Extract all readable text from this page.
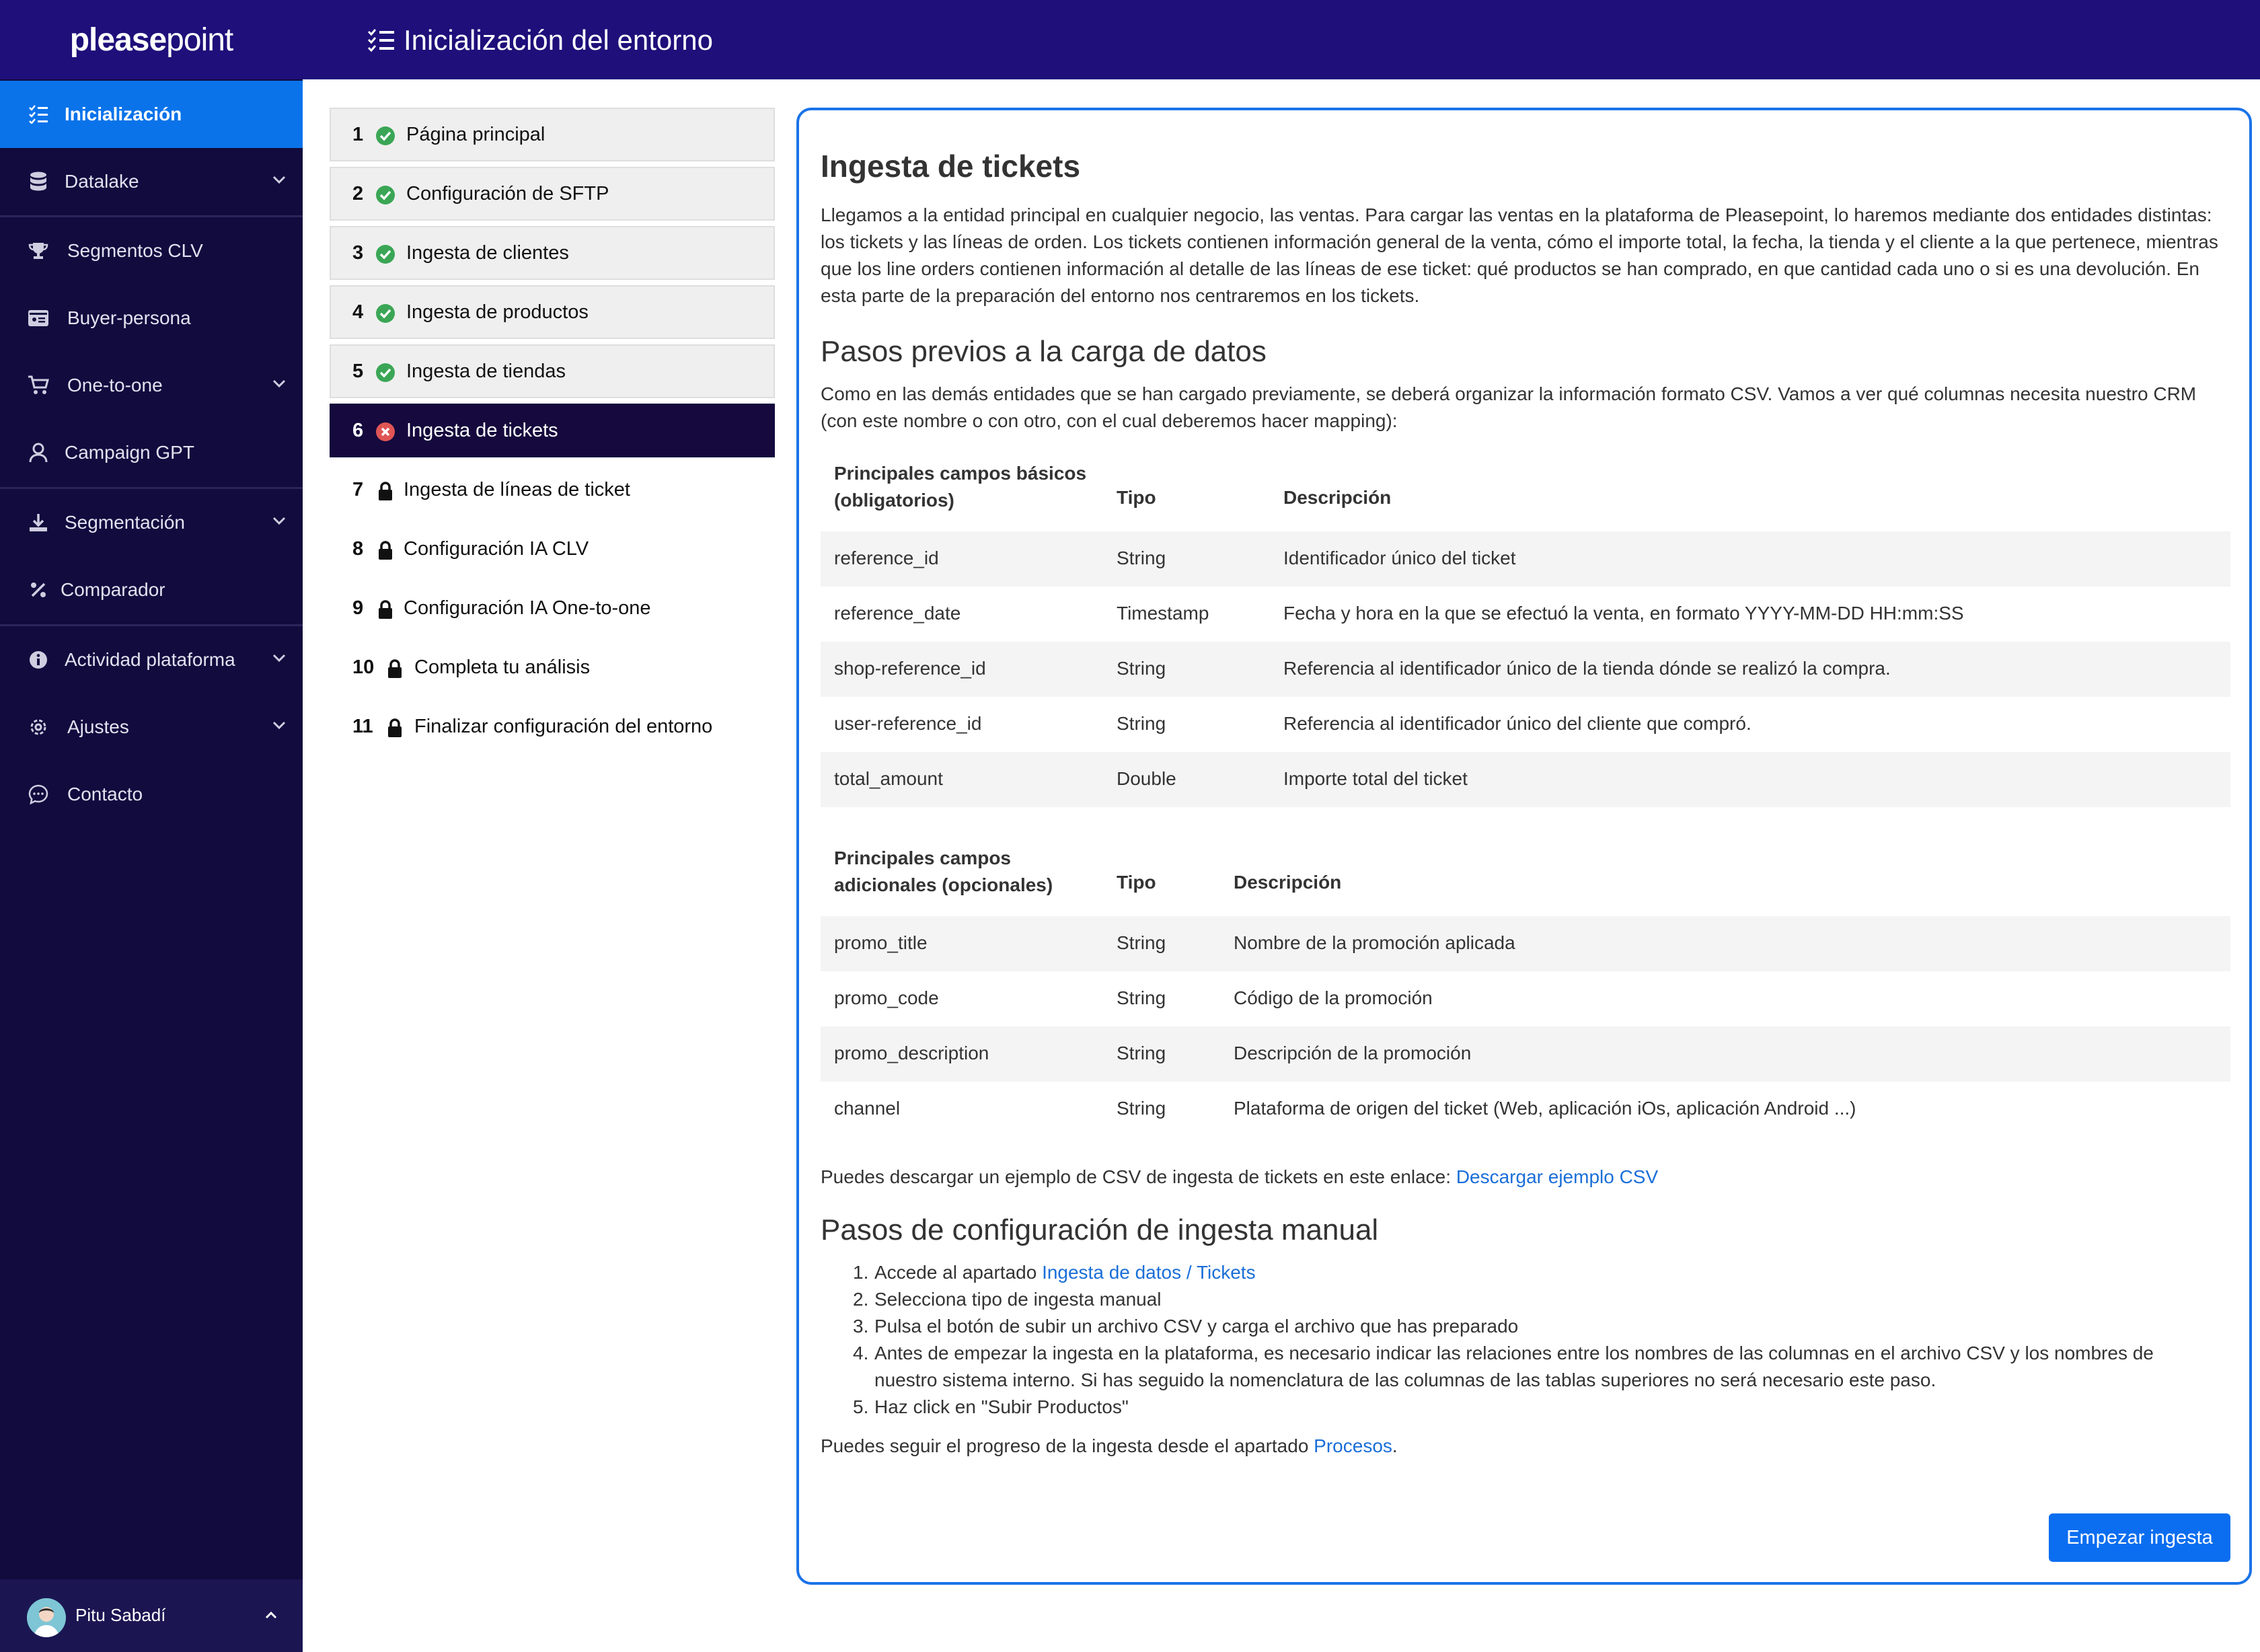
please point
Inicialización
Datalake
Segmentos CLV
Buyer-persona
One-to-one
Campaign GPT
Segmentación
Comparador
Actividad plataforma
Ajustes
Contacto
Pitu Sabadí
Inicialización del entorno
1 Página principal
2 Configuración de SFTP
3 Ingesta de clientes
4 Ingesta de productos
5 Ingesta de tiendas
6 Ingesta de tickets
7 Ingesta de líneas de ticket
8 Configuración IA CLV
9 Configuración IA One-to-one
10 Completa tu análisis
11 Finalizar configuración del entorno
Ingesta de tickets
Llegamos a la entidad principal en cualquier negocio, las ventas. Para cargar las ventas en la plataforma de Pleasepoint, lo haremos mediante dos entidades distintas: los tickets y las líneas de orden. Los tickets contienen información general de la venta, cómo el importe total, la fecha, la tienda y el cliente a la que pertenece, mientras que los line orders contienen información al detalle de las líneas de ese ticket: qué productos se han comprado, en que cantidad cada uno o si es una devolución. En esta parte de la preparación del entorno nos centraremos en los tickets.
Pasos previos a la carga de datos
Como en las demás entidades que se han cargado previamente, se deberá organizar la información formato CSV. Vamos a ver qué columnas necesita nuestro CRM (con este nombre o con otro, con el cual deberemos hacer mapping):
Principales campos básicos
(obligatorios)	Tipo	Descripción
reference_id	String	Identificador único del ticket
reference_date	Timestamp	Fecha y hora en la que se efectuó la venta, en formato YYYY-MM-DD HH:mm:SS
shop-reference_id	String	Referencia al identificador único de la tienda dónde se realizó la compra.
user-reference_id	String	Referencia al identificador único del cliente que compró.
total_amount	Double	Importe total del ticket
Principales campos
adicionales (opcionales)	Tipo	Descripción
promo_title	String	Nombre de la promoción aplicada
promo_code	String	Código de la promoción
promo_description	String	Descripción de la promoción
channel	String	Plataforma de origen del ticket (Web, aplicación iOs, aplicación Android ...)
Puedes descargar un ejemplo de CSV de ingesta de tickets en este enlace: Descargar ejemplo CSV
Pasos de configuración de ingesta manual
1. Accede al apartado Ingesta de datos / Tickets
2. Selecciona tipo de ingesta manual
3. Pulsa el botón de subir un archivo CSV y carga el archivo que has preparado
4. Antes de empezar la ingesta en la plataforma, es necesario indicar las relaciones entre los nombres de las columnas en el archivo CSV y los nombres de nuestro sistema interno. Si has seguido la nomenclatura de las columnas de las tablas superiores no será necesario este paso.
5. Haz click en "Subir Productos"
Puedes seguir el progreso de la ingesta desde el apartado Procesos.
Empezar ingesta
